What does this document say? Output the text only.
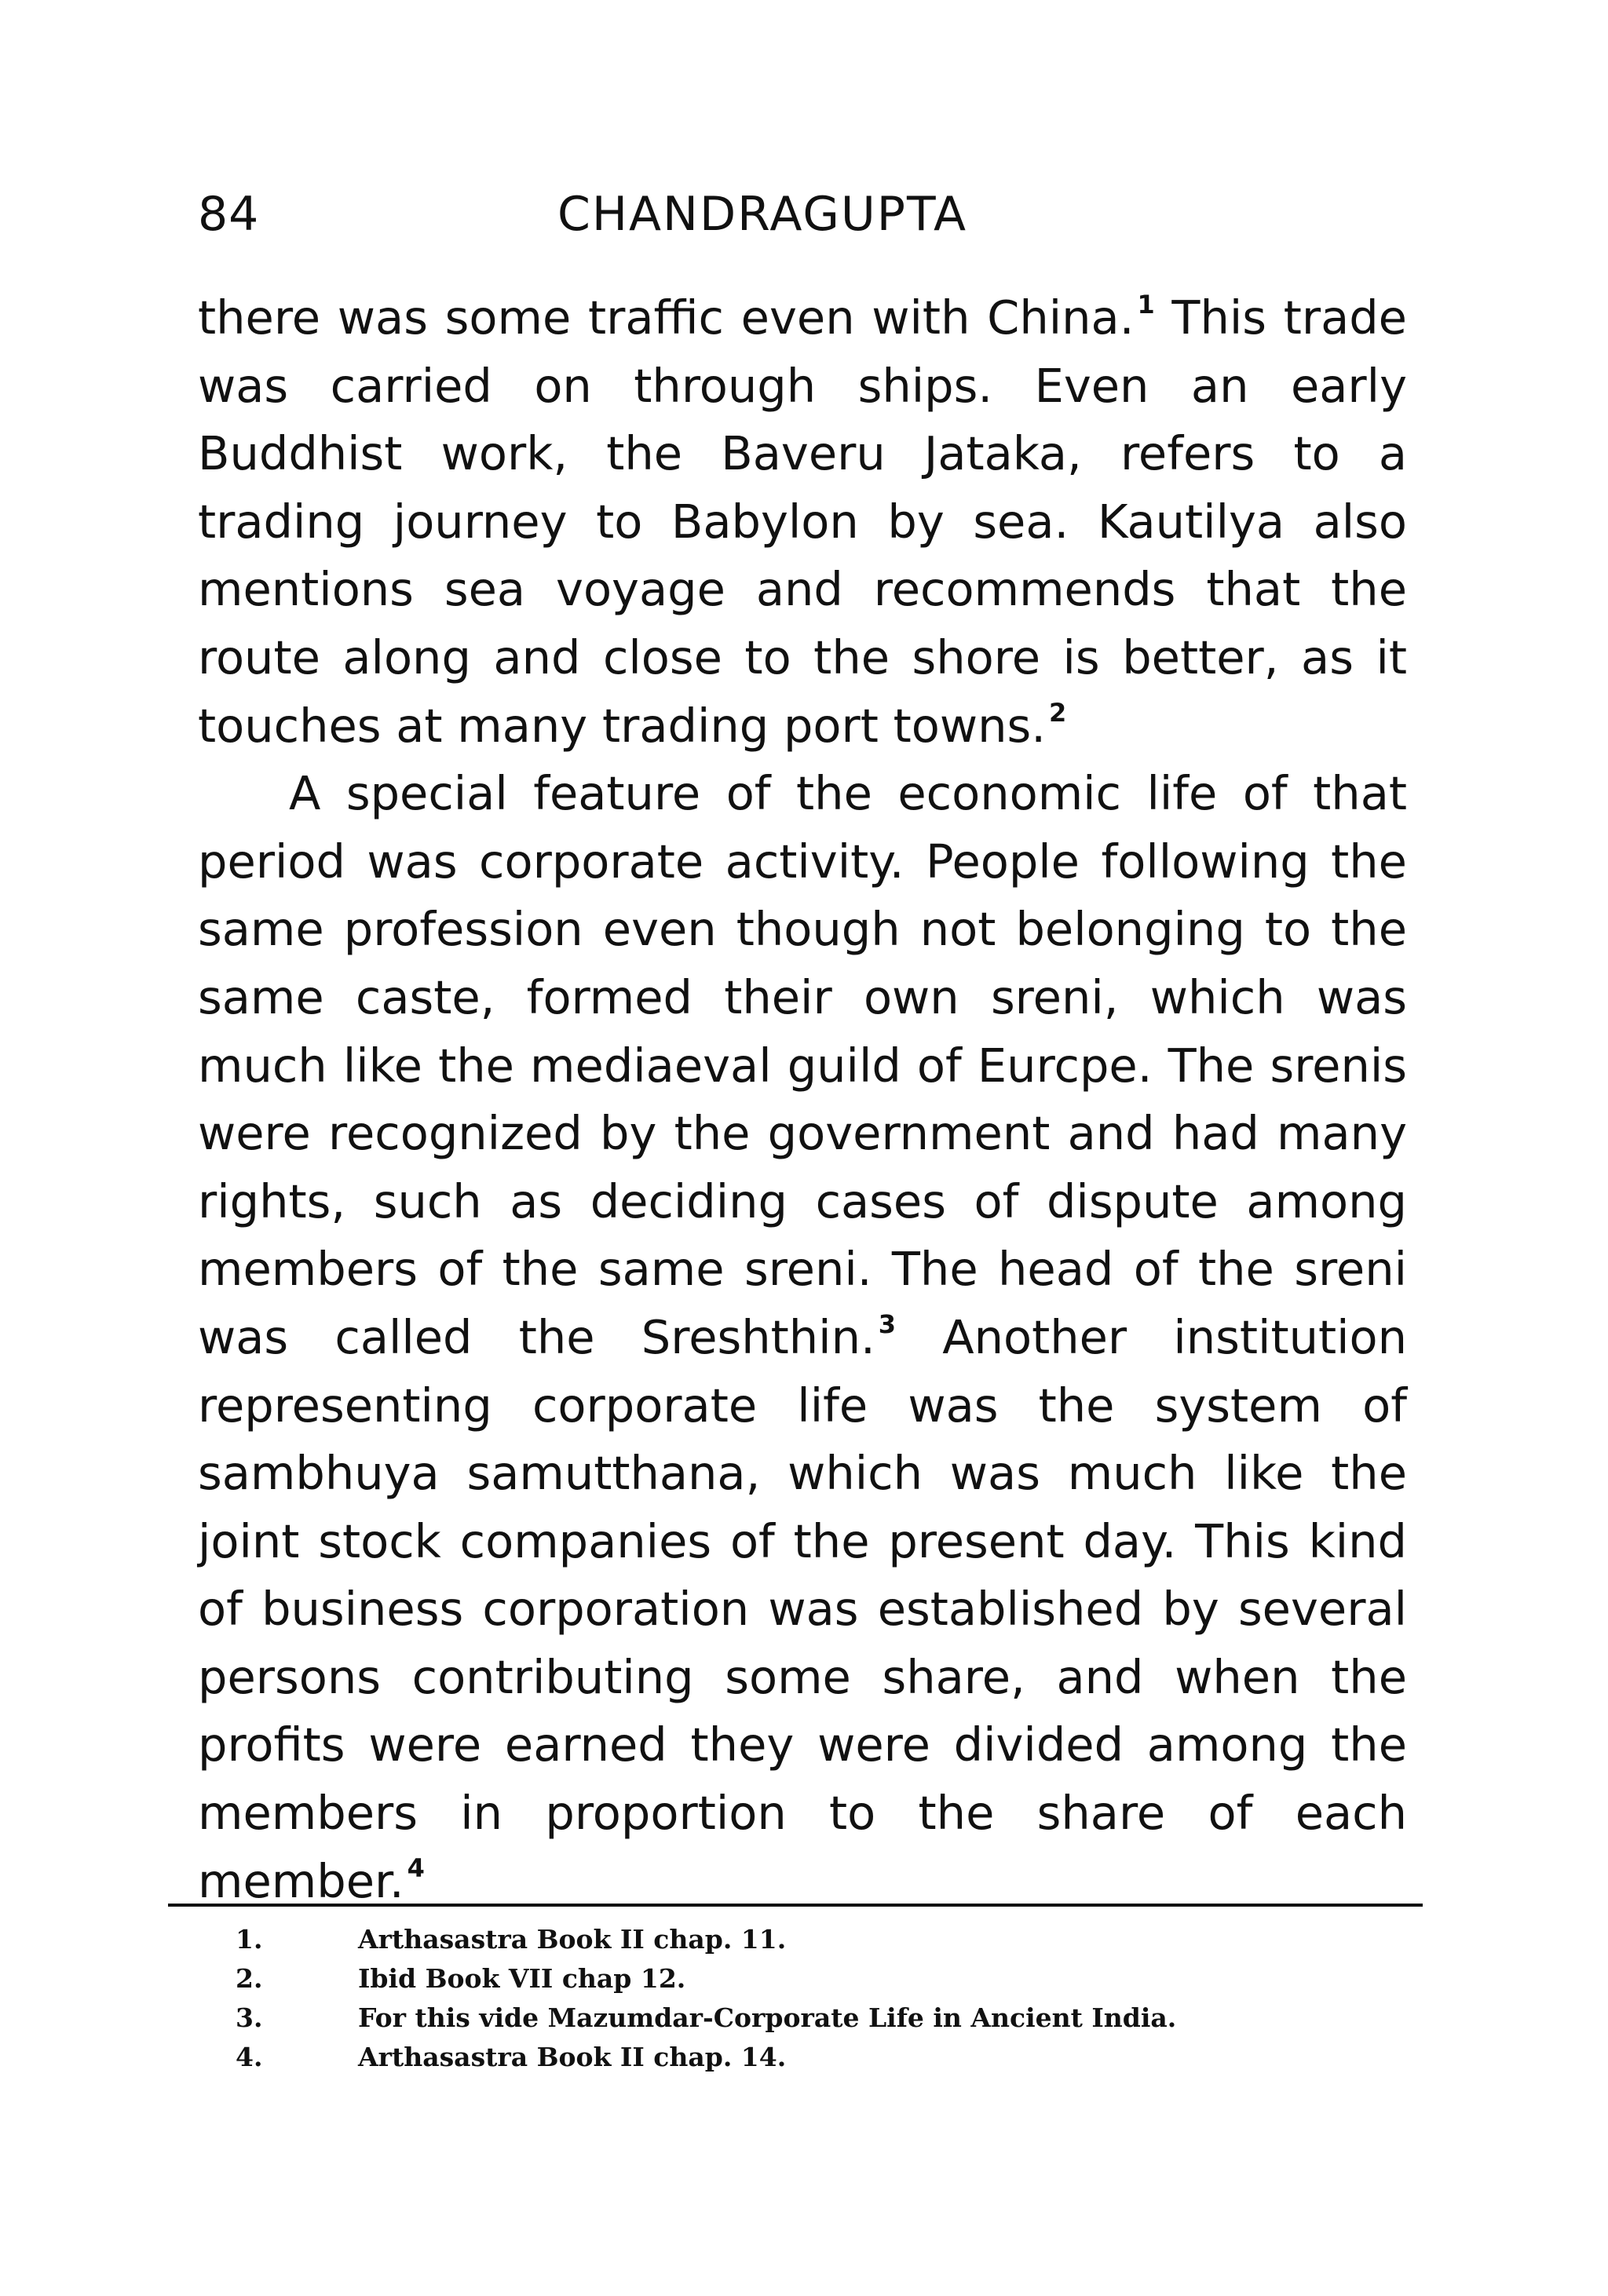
84	CHANDRAGUPTA

there was some traffic even with China. $^1$ This trade was carried on through ships. Even an early Buddhist work, the Baveru Jataka, refers to a trading journey to Babylon by sea. Kautilya also mentions sea voyage and recommends that the route along and close to the shore is better, as it touches at many trading port towns. $^2$

A special feature of the economic life of that period was corporate activity. People following the same profession even though not belonging to the same caste, formed their own sreni, which was much like the mediaeval guild of Eurcpe. The srenis were recognized by the government and had many rights, such as deciding cases of dispute among members of the same sreni. The head of the sreni was called the Sreshthin. $^3$ Another institution representing corporate life was the system of sambhuya samutthana, which was much like the joint stock companies of the present day. This kind of business corporation was established by several persons contributing some share, and when the profits were earned they were divided among the members in proportion to the share of each member. $^4$

1.	Arthasastra Book II chap. 11.
2.	Ibid Book VII chap 12.
3.	For this vide Mazumdar-Corporate Life in Ancient India.
4.	Arthasastra Book II chap. 14.
